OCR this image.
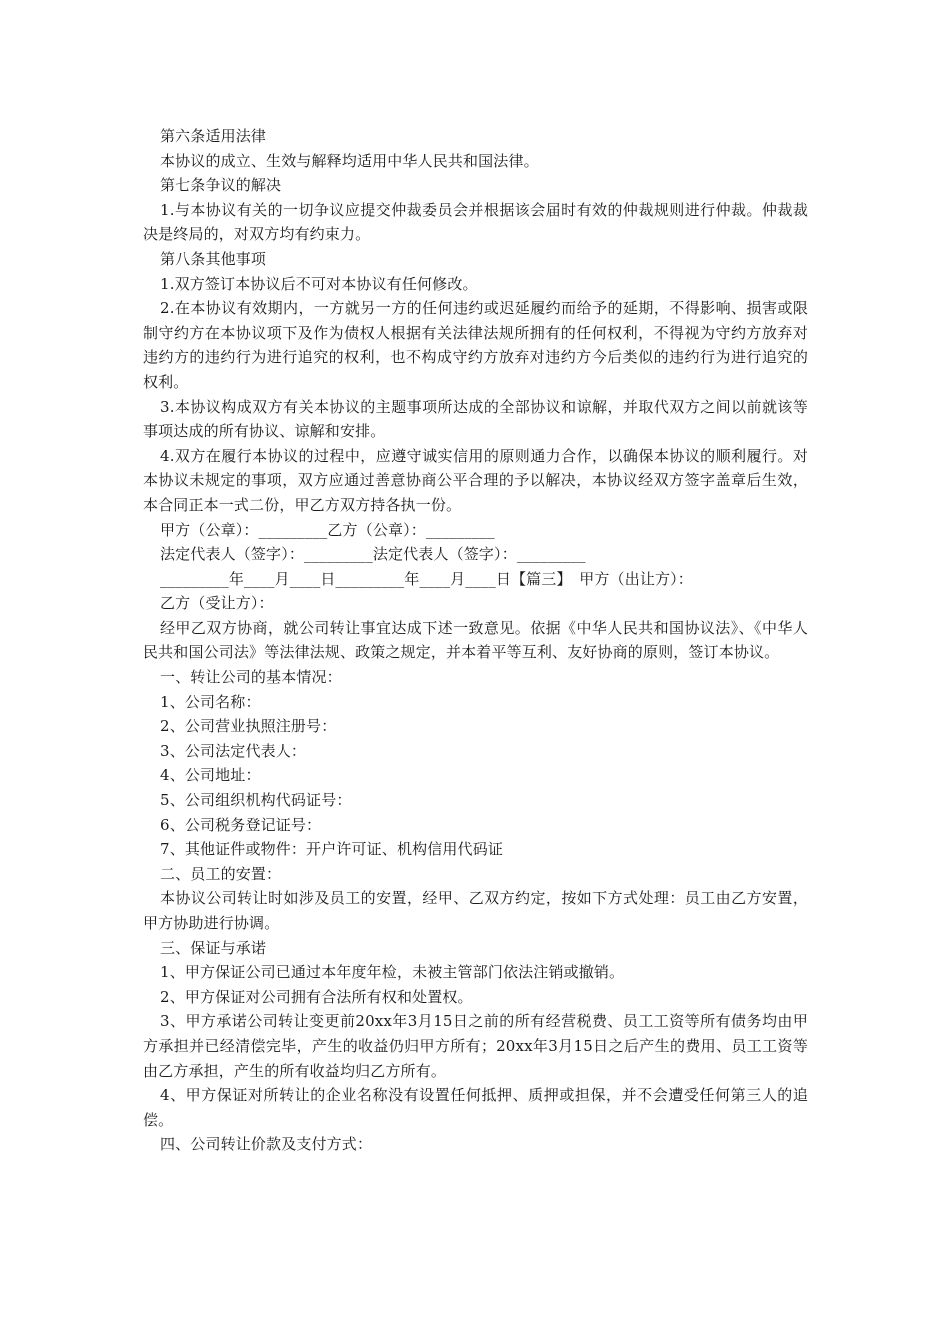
第六条适用法律

本协议的成立、生效与解释均适用中华人民共和国法律。

第七条争议的解决

1.与本协议有关的一切争议应提交仲裁委员会并根据该会届时有效的仲裁规则进行仲裁。仲裁裁决是终局的，对双方均有约束力。

第八条其他事项

1.双方签订本协议后不可对本协议有任何修改。

2.在本协议有效期内，一方就另一方的任何违约或迟延履约而给予的延期，不得影响、损害或限制守约方在本协议项下及作为债权人根据有关法律法规所拥有的任何权利，不得视为守约方放弃对违约方的违约行为进行追究的权利，也不构成守约方放弃对违约方今后类似的违约行为进行追究的权利。

3.本协议构成双方有关本协议的主题事项所达成的全部协议和谅解，并取代双方之间以前就该等事项达成的所有协议、谅解和安排。

4.双方在履行本协议的过程中，应遵守诚实信用的原则通力合作，以确保本协议的顺利履行。对本协议未规定的事项，双方应通过善意协商公平合理的予以解决，本协议经双方签字盖章后生效，本合同正本一式二份，甲乙方双方持各执一份。

甲方（公章）：_________乙方（公章）：_________

法定代表人（签字）：_________法定代表人（签字）：_________

_________年____月____日_________年____月____日【篇三】　甲方（出让方）：

乙方（受让方）：

经甲乙双方协商，就公司转让事宜达成下述一致意见。依据《中华人民共和国协议法》、《中华人民共和国公司法》等法律法规、政策之规定，并本着平等互利、友好协商的原则，签订本协议。

一、转让公司的基本情况：

1、公司名称：

2、公司营业执照注册号：

3、公司法定代表人：

4、公司地址：

5、公司组织机构代码证号：

6、公司税务登记证号：

7、其他证件或物件：开户许可证、机构信用代码证

二、员工的安置：

本协议公司转让时如涉及员工的安置，经甲、乙双方约定，按如下方式处理：员工由乙方安置，甲方协助进行协调。

三、保证与承诺

1、甲方保证公司已通过本年度年检，未被主管部门依法注销或撤销。

2、甲方保证对公司拥有合法所有权和处置权。

3、甲方承诺公司转让变更前20xx年3月15日之前的所有经营税费、员工工资等所有债务均由甲方承担并已经清偿完毕，产生的收益仍归甲方所有；20xx年3月15日之后产生的费用、员工工资等由乙方承担，产生的所有收益均归乙方所有。

4、甲方保证对所转让的企业名称没有设置任何抵押、质押或担保，并不会遭受任何第三人的追偿。

四、公司转让价款及支付方式：
